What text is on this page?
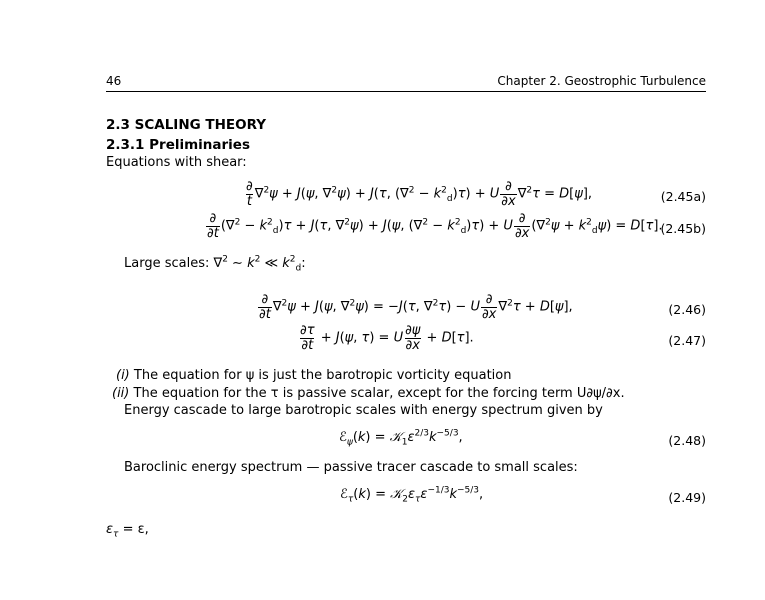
46	Chapter 2. Geostrophic Turbulence
2.3 SCALING THEORY
2.3.1 Preliminaries
Equations with shear:
$\frac{\partial}{t} \nabla^2\psi + J(\psi$, ∇$^2$ψ) + J(τ, $(\nabla^2 - k^2_d)\tau) + U \frac{\partial}{\partial x} \nabla^2\tau = D[\psi]$,	(2.45a)
$\frac{\partial}{\partial t} (\nabla^2 - k^2_d)\tau + J(\tau$, ∇$^2$ψ) + J(ψ, $(\nabla^2 - k^2_d)\tau) + U \frac{\partial}{\partial x} (\nabla^2\psi + k^2_d\psi) = D[\tau]$.
(2.45b)
Large scales: ∇$^2$ ∼ $k^2$ ≪ $k^2_d$:
$\frac{\partial}{\partial t} \nabla^2\psi + J(\psi$, ∇$^2$ψ) = −J(τ, ∇$^2$τ) − U $\frac{\partial}{\partial x} \nabla^2\tau + D[\psi]$,	(2.46)
$\frac{\partial\tau}{\partial t} + J(\psi$, τ) = U $\frac{\partial\psi}{\partial x} + D[\tau]$.	(2.47)
(i) The equation for ψ is just the barotropic vorticity equation
(ii) The equation for the τ is passive scalar, except for the forcing term U∂ψ/∂x.
Energy cascade to large barotropic scales with energy spectrum given by
ℰ$_\psi$(k) = $𝒦_1\varepsilon^{2/3}k^{-5/3}$,	(2.48)
Baroclinic energy spectrum — passive tracer cascade to small scales:
ℰ$_\tau$(k) = $𝒦_2\varepsilon_\tau\varepsilon^{-1/3}k^{-5/3}$,	(2.49)
$\varepsilon_\tau = \varepsilon$,
